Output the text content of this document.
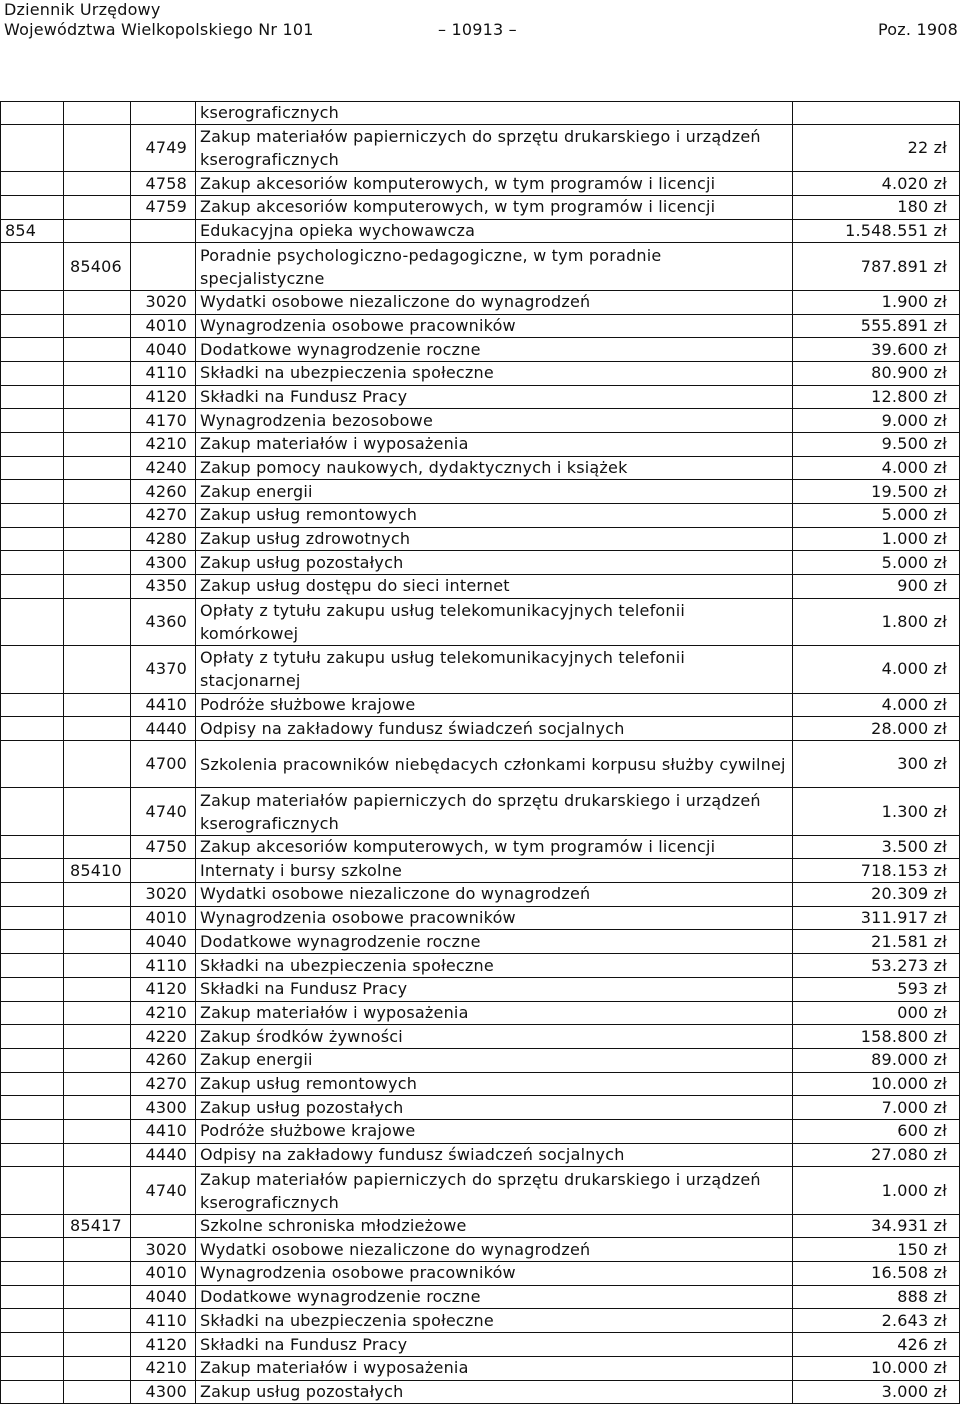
Dziennik Urzędowy
Województwa Wielkopolskiego Nr 101	– 10913 –	Poz. 1908
			kserograficznych	
		4749	Zakup materiałów papierniczych do sprzętu drukarskiego i urządzeń kserograficznych	22 zł
		4758	Zakup akcesoriów komputerowych, w tym programów i licencji	4.020 zł
		4759	Zakup akcesoriów komputerowych, w tym programów i licencji	180 zł
854			Edukacyjna opieka wychowawcza	1.548.551 zł
	85406		Poradnie psychologiczno-pedagogiczne, w tym poradnie specjalistyczne	787.891 zł
		3020	Wydatki osobowe niezaliczone do wynagrodzeń	1.900 zł
		4010	Wynagrodzenia osobowe pracowników	555.891 zł
		4040	Dodatkowe wynagrodzenie roczne	39.600 zł
		4110	Składki na ubezpieczenia społeczne	80.900 zł
		4120	Składki na Fundusz Pracy	12.800 zł
		4170	Wynagrodzenia bezosobowe	9.000 zł
		4210	Zakup materiałów i wyposażenia	9.500 zł
		4240	Zakup pomocy naukowych, dydaktycznych i książek	4.000 zł
		4260	Zakup energii	19.500 zł
		4270	Zakup usług remontowych	5.000 zł
		4280	Zakup usług zdrowotnych	1.000 zł
		4300	Zakup usług pozostałych	5.000 zł
		4350	Zakup usług dostępu do sieci internet	900 zł
		4360	Opłaty z tytułu zakupu usług telekomunikacyjnych telefonii komórkowej	1.800 zł
		4370	Opłaty z tytułu zakupu usług telekomunikacyjnych telefonii stacjonarnej	4.000 zł
		4410	Podróże służbowe krajowe	4.000 zł
		4440	Odpisy na zakładowy fundusz świadczeń socjalnych	28.000 zł
		4700	Szkolenia pracowników niebędacych członkami korpusu służby cywilnej	300 zł
		4740	Zakup materiałów papierniczych do sprzętu drukarskiego i urządzeń kserograficznych	1.300 zł
		4750	Zakup akcesoriów komputerowych, w tym programów i licencji	3.500 zł
	85410		Internaty i bursy szkolne	718.153 zł
		3020	Wydatki osobowe niezaliczone do wynagrodzeń	20.309 zł
		4010	Wynagrodzenia osobowe pracowników	311.917 zł
		4040	Dodatkowe wynagrodzenie roczne	21.581 zł
		4110	Składki na ubezpieczenia społeczne	53.273 zł
		4120	Składki na Fundusz Pracy	593 zł
		4210	Zakup materiałów i wyposażenia	000 zł
		4220	Zakup środków żywności	158.800 zł
		4260	Zakup energii	89.000 zł
		4270	Zakup usług remontowych	10.000 zł
		4300	Zakup usług pozostałych	7.000 zł
		4410	Podróże służbowe krajowe	600 zł
		4440	Odpisy na zakładowy fundusz świadczeń socjalnych	27.080 zł
		4740	Zakup materiałów papierniczych do sprzętu drukarskiego i urządzeń kserograficznych	1.000 zł
	85417		Szkolne schroniska młodzieżowe	34.931 zł
		3020	Wydatki osobowe niezaliczone do wynagrodzeń	150 zł
		4010	Wynagrodzenia osobowe pracowników	16.508 zł
		4040	Dodatkowe wynagrodzenie roczne	888 zł
		4110	Składki na ubezpieczenia społeczne	2.643 zł
		4120	Składki na Fundusz Pracy	426 zł
		4210	Zakup materiałów i wyposażenia	10.000 zł
		4300	Zakup usług pozostałych	3.000 zł
